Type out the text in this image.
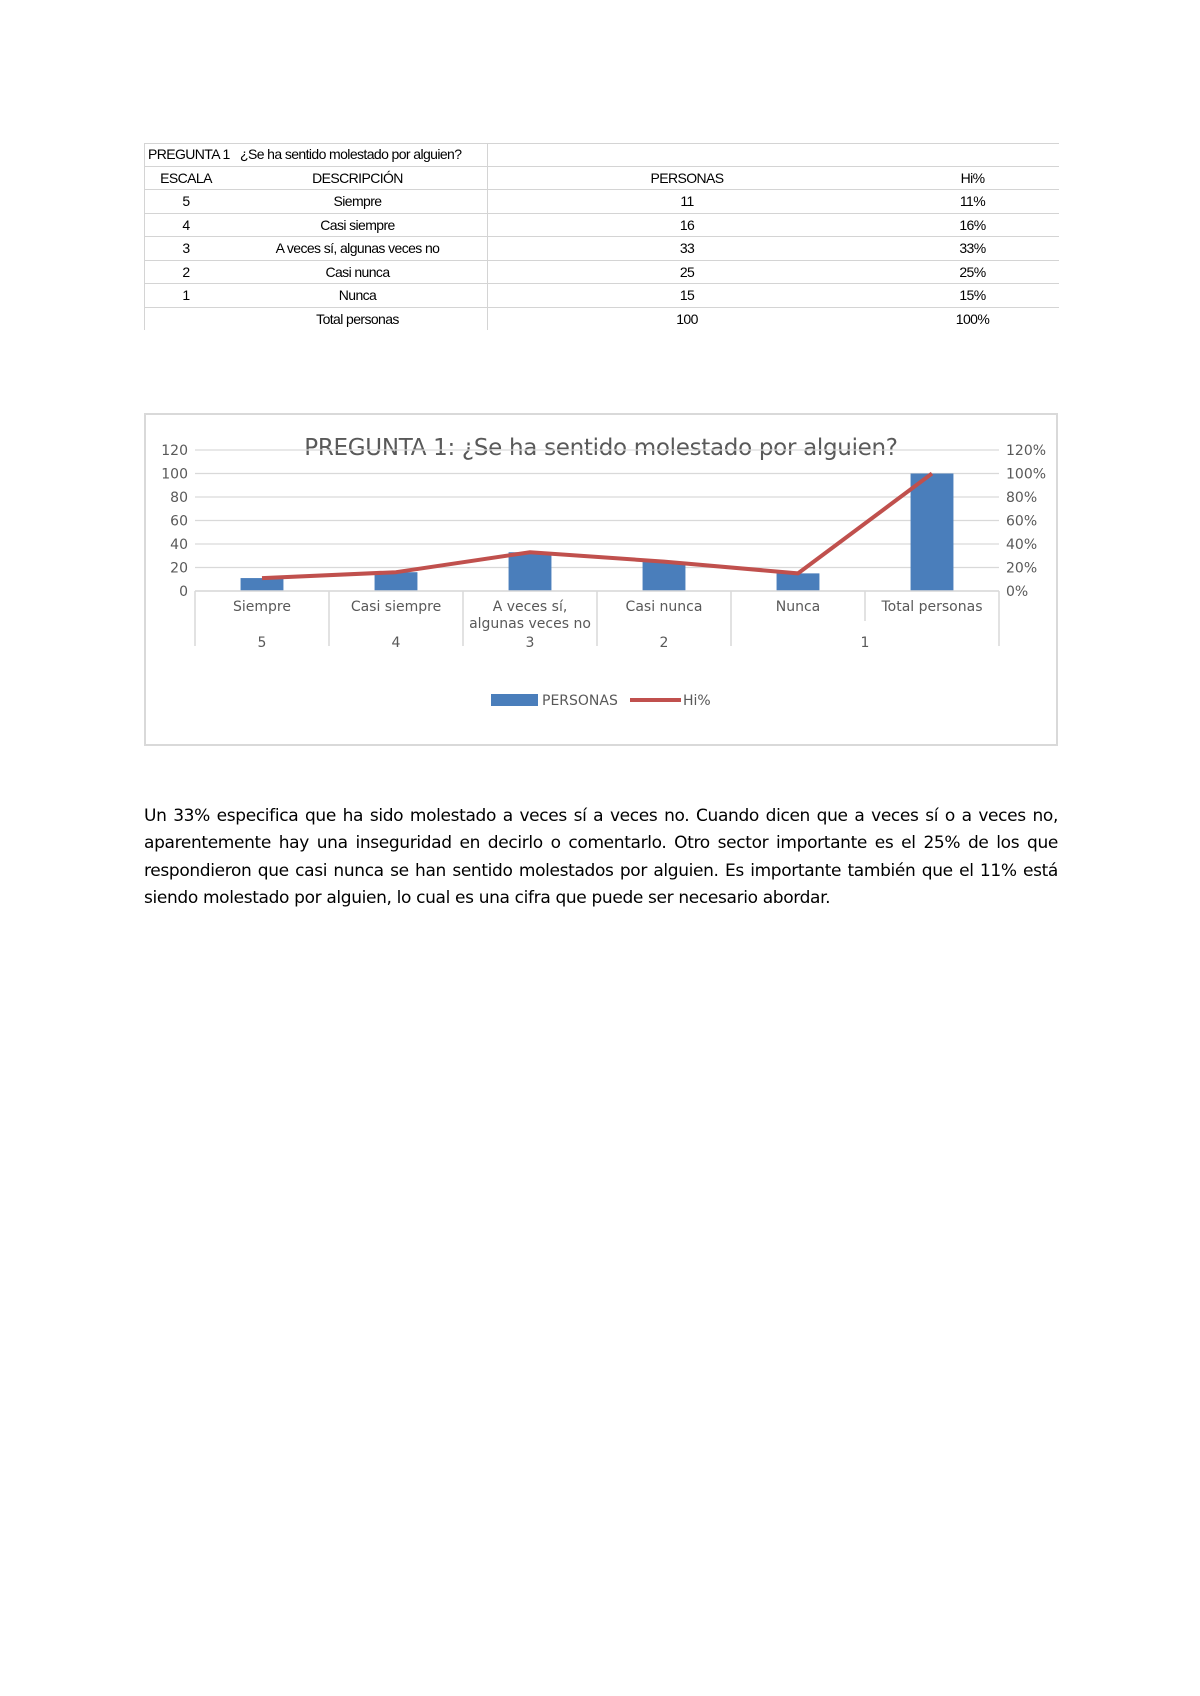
PREGUNTA 1 ¿Se ha sentido molestado por alguien?			
ESCALA	DESCRIPCIÓN	PERSONAS	Hi%
5	Siempre	11	11%
4	Casi siempre	16	16%
3	A veces sí, algunas veces no	33	33%
2	Casi nunca	25	25%
1	Nunca	15	15%
	Total personas	100	100%
PREGUNTA 1: ¿Se ha sentido molestado por alguien?
0
20
40
60
80
100
120
0%
20%
40%
60%
80%
100%
120%
Siempre	Casi siempre	A veces sí,
algunas veces no
Casi nunca	Nunca	Total personas
5	4	3	2	1
PERSONAS	Hi%
Un 33% especifica que ha sido molestado a veces sí a veces no. Cuando dicen que a veces sí o a veces no, aparentemente hay una inseguridad en decirlo o comentarlo. Otro sector importante es el 25% de los que respondieron que casi nunca se han sentido molestados por alguien. Es importante también que el 11% está siendo molestado por alguien, lo cual es una cifra que puede ser necesario abordar.
